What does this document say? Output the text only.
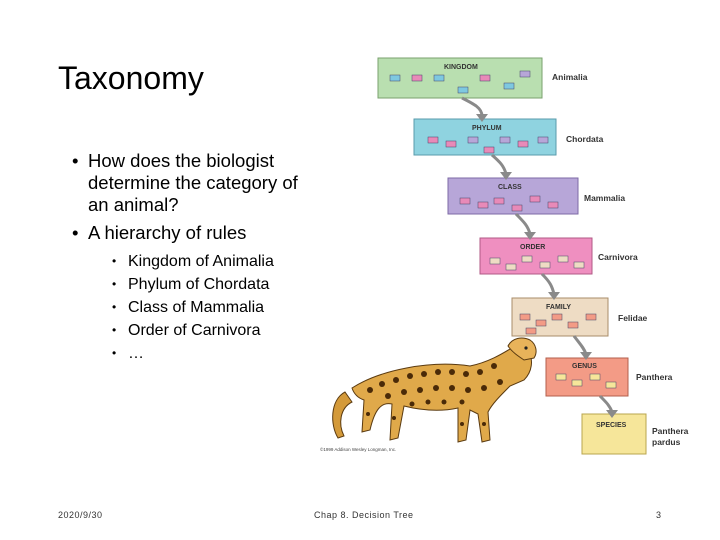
Taxonomy
• How does the biologist determine the category of an animal?
• A hierarchy of rules
• Kingdom of Animalia
• Phylum of Chordata
• Class of Mammalia
• Order of Carnivora
• …
©1999 Addison Wesley Longman, Inc.
KINGDOM
Animalia
PHYLUM
Chordata
CLASS
Mammalia
ORDER
Carnivora
FAMILY
Felidae
GENUS
Panthera
SPECIES
Panthera
pardus
2020/9/30	Chap 8. Decision Tree	3
